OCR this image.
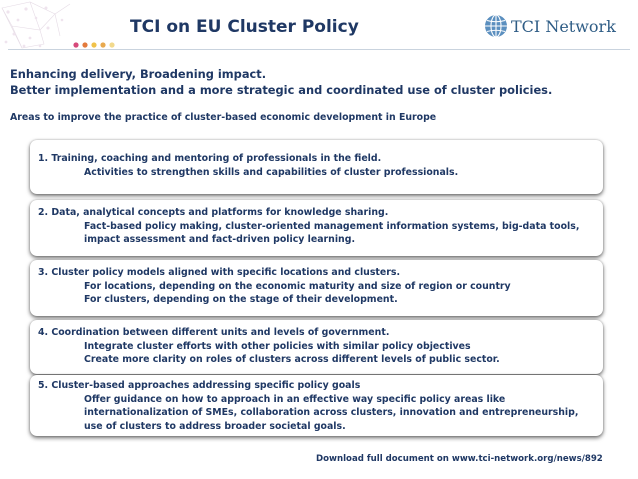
TCI on EU Cluster Policy	TCI Network
Enhancing delivery, Broadening impact.
Better implementation and a more strategic and coordinated use of cluster policies.
Areas to improve the practice of cluster-based economic development in Europe
1. Training, coaching and mentoring of professionals in the field.
Activities to strengthen skills and capabilities of cluster professionals.
2. Data, analytical concepts and platforms for knowledge sharing.
Fact-based policy making, cluster-oriented management information systems, big-data tools, impact assessment and fact-driven policy learning.
3. Cluster policy models aligned with specific locations and clusters.
For locations, depending on the economic maturity and size of region or country
For clusters, depending on the stage of their development.
4. Coordination between different units and levels of government.
Integrate cluster efforts with other policies with similar policy objectives
Create more clarity on roles of clusters across different levels of public sector.
5. Cluster-based approaches addressing specific policy goals
Offer guidance on how to approach in an effective way specific policy areas like internationalization of SMEs, collaboration across clusters, innovation and entrepreneurship, use of clusters to address broader societal goals.
Download full document on www.tci-network.org/news/892
